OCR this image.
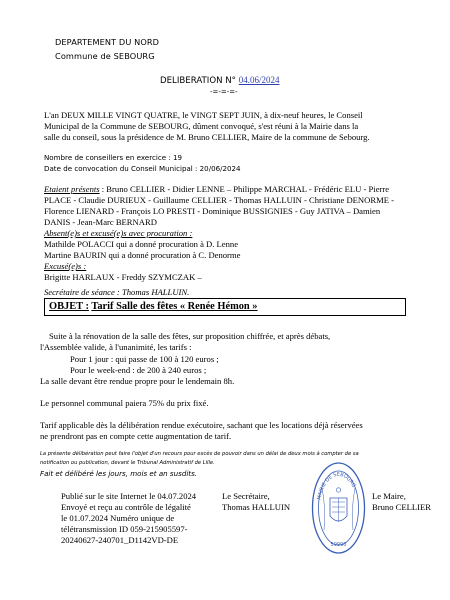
DEPARTEMENT DU NORD
Commune de SEBOURG
DELIBERATION N° 04.06/2024
-=-=-=-
L'an DEUX MILLE VINGT QUATRE, le VINGT SEPT JUIN, à dix-neuf heures, le Conseil
Municipal de la Commune de SEBOURG, dûment convoqué, s'est réuni à la Mairie dans la
salle du conseil, sous la présidence de M. Bruno CELLIER, Maire de la commune de Sebourg.
Nombre de conseillers en exercice : 19
Date de convocation du Conseil Municipal : 20/06/2024
Etaient présents : Bruno CELLIER - Didier LENNE – Philippe MARCHAL - Frédéric ELU - Pierre
PLACE - Claudie DURIEUX - Guillaume CELLIER - Thomas HALLUIN - Christiane DENORME -
Florence LIENARD - François LO PRESTI - Dominique BUSSIGNIES - Guy JATIVA – Damien
DANIS - Jean-Marc BERNARD
Absent(e)s et excusé(e)s avec procuration :
Mathilde POLACCI qui a donné procuration à D. Lenne
Martine BAURIN qui a donné procuration à C. Denorme
Excusé(e)s :
Brigitte HARLAUX - Freddy SZYMCZAK –
Secrétaire de séance : Thomas HALLUIN.
OBJET : Tarif Salle des fêtes « Renée Hémon »
Suite à la rénovation de la salle des fêtes, sur proposition chiffrée, et après débats,
l'Assemblée valide, à l'unanimité, les tarifs :
Pour 1 jour : qui passe de 100 à 120 euros ;
Pour le week-end : de 200 à 240 euros ;
La salle devant être rendue propre pour le lendemain 8h.
Le personnel communal paiera 75% du prix fixé.
Tarif applicable dès la délibération rendue exécutoire, sachant que les locations déjà réservées
ne prendront pas en compte cette augmentation de tarif.
La présente délibération peut faire l'objet d'un recours pour excès de pouvoir dans un délai de deux mois à compter de sa
notification ou publication, devant le Tribunal Administratif de Lille.
Fait et délibéré les jours, mois et an susdits.
Publié sur le site Internet le 04.07.2024
Envoyé et reçu au contrôle de légalité
le 01.07.2024 Numéro unique de
télétransmission ID 059-215905597-
20240627-240701_D1142VD-DE
Le Secrétaire,
Thomas HALLUIN
MAIRIE DE SEBOURG
59990
Le Maire,
Bruno CELLIER
